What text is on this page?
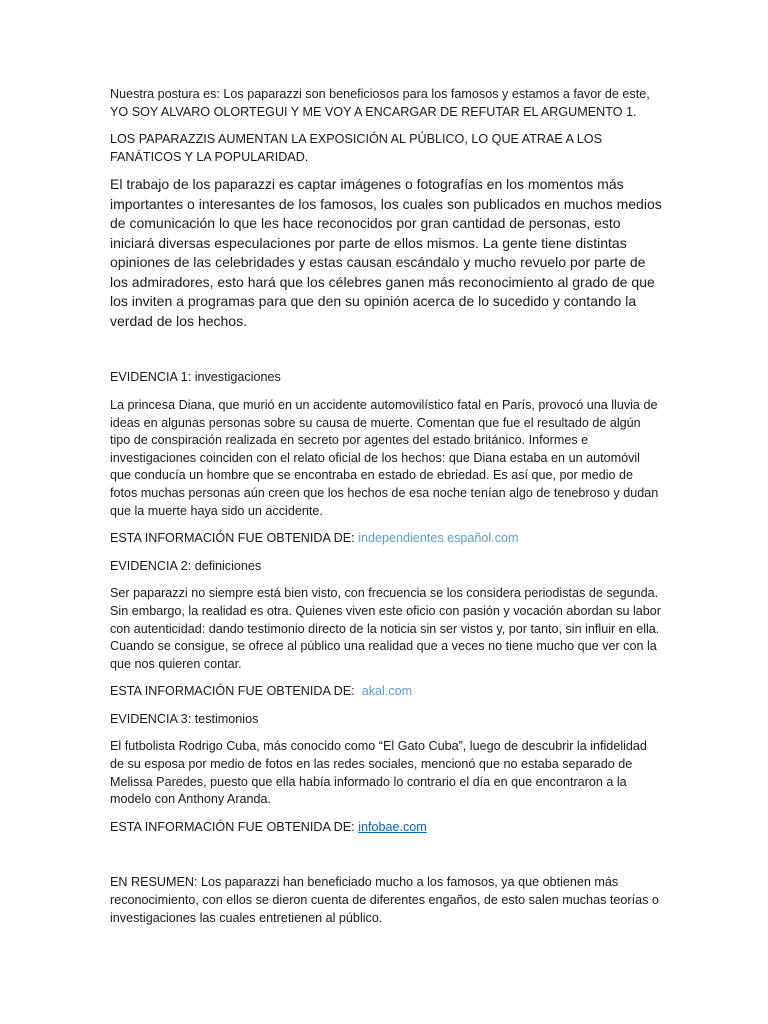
Nuestra postura es: Los paparazzi son beneficiosos para los famosos y estamos a favor de este,
YO SOY ALVARO OLORTEGUI Y ME VOY A ENCARGAR DE REFUTAR EL ARGUMENTO 1.

LOS PAPARAZZIS AUMENTAN LA EXPOSICIÓN AL PÚBLICO, LO QUE ATRAE A LOS FANÁTICOS Y LA POPULARIDAD.

El trabajo de los paparazzi es captar imágenes o fotografías en los momentos más importantes o interesantes de los famosos, los cuales son publicados en muchos medios de comunicación lo que les hace reconocidos por gran cantidad de personas, esto iniciará diversas especulaciones por parte de ellos mismos. La gente tiene distintas opiniones de las celebridades y estas causan escándalo y mucho revuelo por parte de los admiradores, esto hará que los célebres ganen más reconocimiento al grado de que los inviten a programas para que den su opinión acerca de lo sucedido y contando la verdad de los hechos.

EVIDENCIA 1: investigaciones

La princesa Diana, que murió en un accidente automovilístico fatal en París, provocó una lluvia de ideas en algunas personas sobre su causa de muerte. Comentan que fue el resultado de algún tipo de conspiración realizada en secreto por agentes del estado británico. Informes e investigaciones coinciden con el relato oficial de los hechos: que Diana estaba en un automóvil que conducía un hombre que se encontraba en estado de ebriedad. Es así que, por medio de fotos muchas personas aún creen que los hechos de esa noche tenían algo de tenebroso y dudan que la muerte haya sido un accidente.

ESTA INFORMACIÓN FUE OBTENIDA DE: independientes español.com

EVIDENCIA 2: definiciones

Ser paparazzi no siempre está bien visto, con frecuencia se los considera periodistas de segunda. Sin embargo, la realidad es otra. Quienes viven este oficio con pasión y vocación abordan su labor con autenticidad: dando testimonio directo de la noticia sin ser vistos y, por tanto, sin influir en ella. Cuando se consigue, se ofrece al público una realidad que a veces no tiene mucho que ver con la que nos quieren contar.

ESTA INFORMACIÓN FUE OBTENIDA DE: akal.com

EVIDENCIA 3: testimonios

El futbolista Rodrigo Cuba, más conocido como “El Gato Cuba”, luego de descubrir la infidelidad de su esposa por medio de fotos en las redes sociales, mencionó que no estaba separado de Melissa Paredes, puesto que ella había informado lo contrario el día en que encontraron a la modelo con Anthony Aranda.

ESTA INFORMACIÓN FUE OBTENIDA DE: infobae.com

EN RESUMEN: Los paparazzi han beneficiado mucho a los famosos, ya que obtienen más reconocimiento, con ellos se dieron cuenta de diferentes engaños, de esto salen muchas teorías o investigaciones las cuales entretienen al público.
